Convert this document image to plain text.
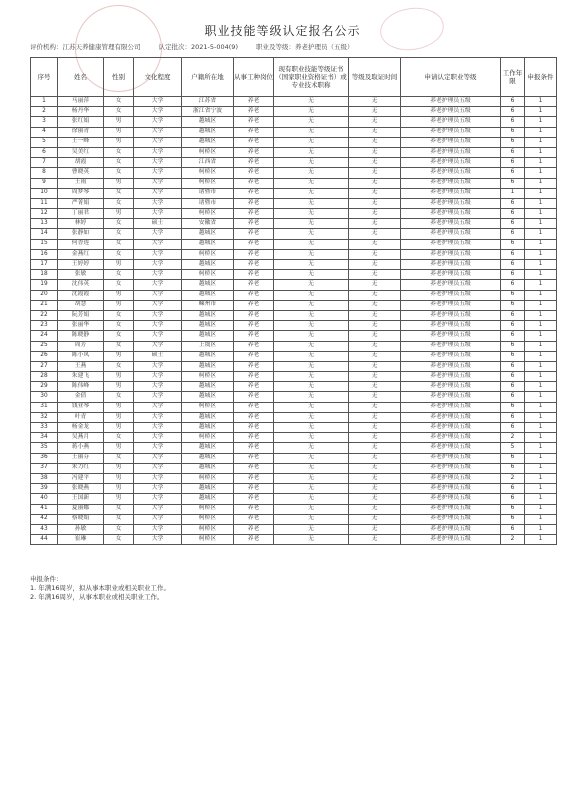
职业技能等级认定报名公示
评价机构：江苏天养健康管理有限公司	认定批次：2021-5-004(9)	职业及等级：养老护理员（五级）
序号	姓名	性别	文化程度	户籍所在地	从事工种岗位	现有职业技能等级证书（国家职业资格证书）或专业技术职称	等级及取证时间	申请认定职业等级	工作年限	申报条件
1	马丽萍	女	大学	江苏省	养老	无	无	养老护理员五级	6	1
2	杨丹华	女	大学	浙江省宁波	养老	无	无	养老护理员五级	6	1
3	张红娟	男	大学	越城区	养老	无	无	养老护理员五级	6	1
4	徐丽青	男	大学	越城区	养老	无	无	养老护理员五级	6	1
5	王一峰	男	大学	越城区	养老	无	无	养老护理员五级	6	1
6	吴美红	女	大学	柯桥区	养老	无	无	养老护理员五级	6	1
7	胡霞	女	大学	江西省	养老	无	无	养老护理员五级	6	1
8	曹晓英	女	大学	柯桥区	养老	无	无	养老护理员五级	6	1
9	王雨	男	大学	柯桥区	养老	无	无	养老护理员五级	6	1
10	周梦琴	女	大学	诸暨市	养老	无	无	养老护理员五级	1	1
11	严菁娟	女	大学	诸暨市	养老	无	无	养老护理员五级	6	1
12	丁丽君	男	大学	柯桥区	养老	无	无	养老护理员五级	6	1
13	林婷	女	硕士	安徽省	养老	无	无	养老护理员五级	6	1
14	张静如	女	大学	越城区	养老	无	无	养老护理员五级	6	1
15	何香莲	女	大学	越城区	养老	无	无	养老护理员五级	6	1
16	金燕红	女	大学	柯桥区	养老	无	无	养老护理员五级	6	1
17	王婷婷	男	大学	越城区	养老	无	无	养老护理员五级	6	1
18	张敏	女	大学	柯桥区	养老	无	无	养老护理员五级	6	1
19	沈伟英	女	大学	越城区	养老	无	无	养老护理员五级	6	1
20	沈霞霞	男	大学	越城区	养老	无	无	养老护理员五级	6	1
21	胡慧	男	大学	嵊州市	养老	无	无	养老护理员五级	6	1
22	阮芳娟	女	大学	越城区	养老	无	无	养老护理员五级	6	1
23	张丽华	女	大学	越城区	养老	无	无	养老护理员五级	6	1
24	陈晓静	女	大学	越城区	养老	无	无	养老护理员五级	6	1
25	周芳	女	大学	上虞区	养老	无	无	养老护理员五级	6	1
26	陈小凤	男	硕士	越城区	养老	无	无	养老护理员五级	6	1
27	王燕	女	大学	越城区	养老	无	无	养老护理员五级	6	1
28	朱建飞	男	大学	柯桥区	养老	无	无	养老护理员五级	6	1
29	陈伟峰	男	大学	越城区	养老	无	无	养老护理员五级	6	1
30	金倩	女	大学	越城区	养老	无	无	养老护理员五级	6	1
31	钱亚琴	男	大学	柯桥区	养老	无	无	养老护理员五级	6	1
32	叶青	男	大学	越城区	养老	无	无	养老护理员五级	6	1
33	杨金龙	男	大学	越城区	养老	无	无	养老护理员五级	6	1
34	吴燕月	女	大学	柯桥区	养老	无	无	养老护理员五级	2	1
35	蒋小燕	男	大学	越城区	养老	无	无	养老护理员五级	5	1
36	王丽芬	女	大学	越城区	养老	无	无	养老护理员五级	6	1
37	朱力红	男	大学	越城区	养老	无	无	养老护理员五级	6	1
38	冯建平	男	大学	柯桥区	养老	无	无	养老护理员五级	2	1
39	张晓燕	男	大学	越城区	养老	无	无	养老护理员五级	6	1
40	王国新	男	大学	越城区	养老	无	无	养老护理员五级	6	1
41	夏丽娜	女	大学	柯桥区	养老	无	无	养老护理员五级	6	1
42	蔡晓娟	女	大学	柯桥区	养老	无	无	养老护理员五级	6	1
43	孙敏	女	大学	柯桥区	养老	无	无	养老护理员五级	6	1
44	崔琳	女	大学	柯桥区	养老	无	无	养老护理员五级	2	1
申报条件：
1. 年满16周岁，拟从事本职业或相关职业工作。
2. 年满16周岁，从事本职业或相关职业工作。
